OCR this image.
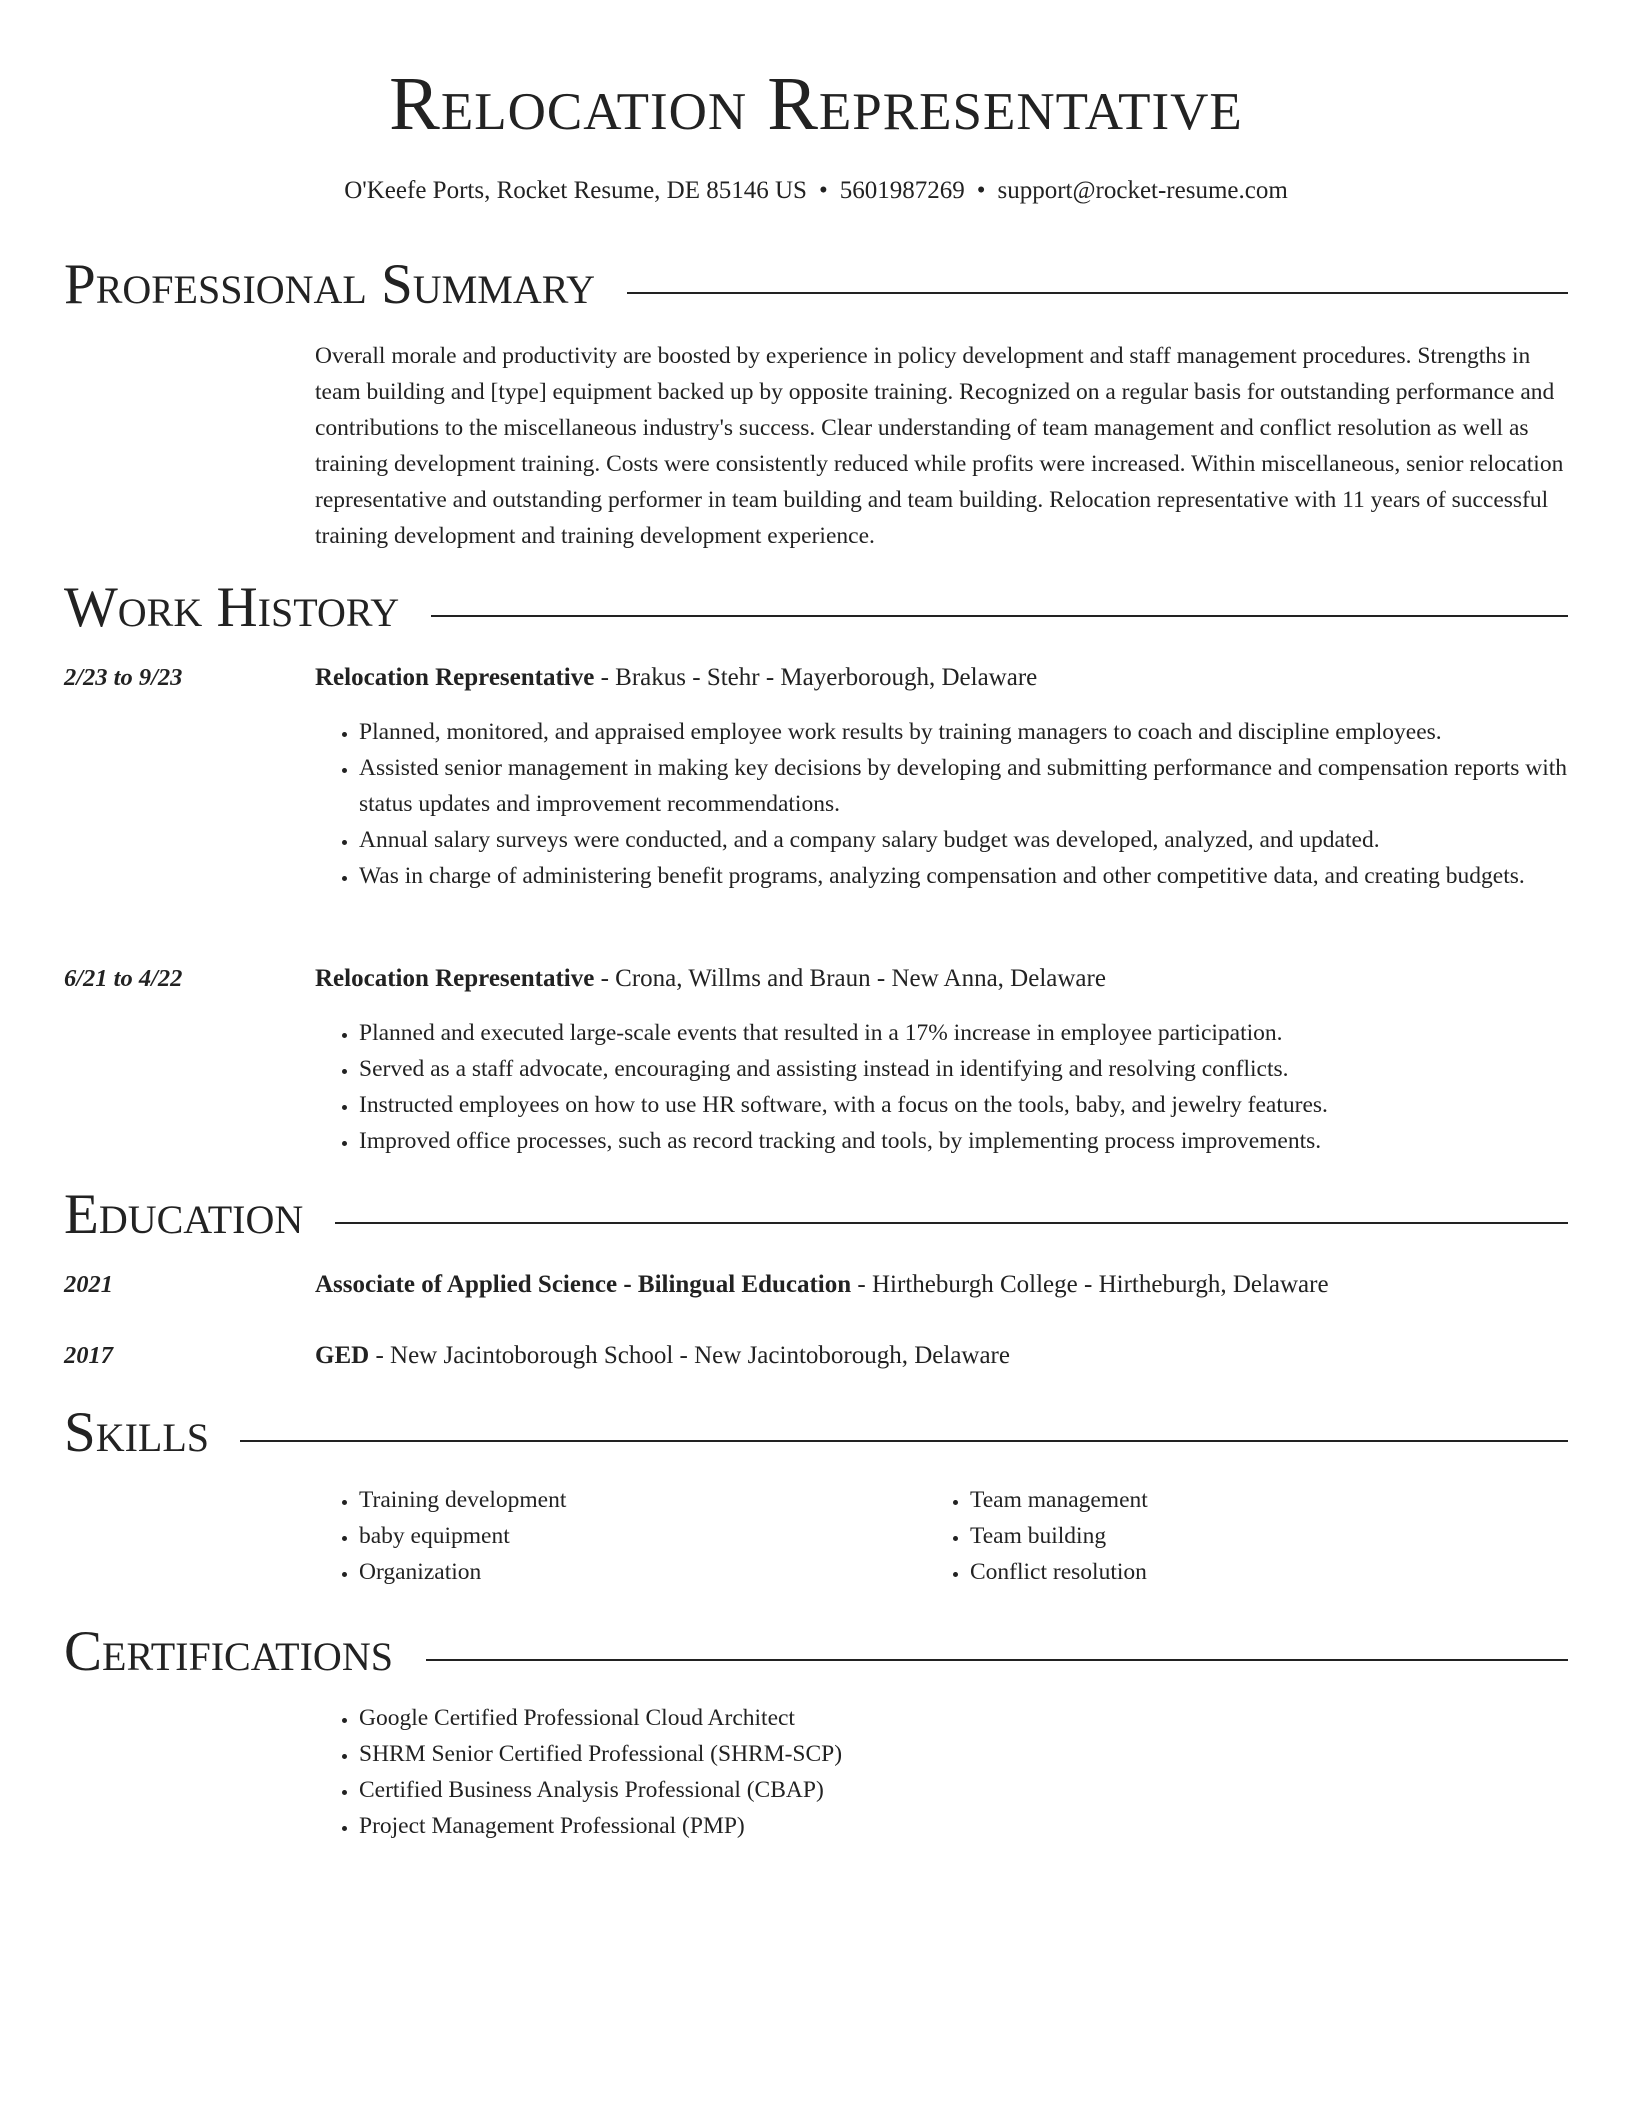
Relocation Representative
O'Keefe Ports, Rocket Resume, DE 85146 US • 5601987269 • support@rocket-resume.com
Professional Summary
Overall morale and productivity are boosted by experience in policy development and staff management procedures. Strengths in team building and [type] equipment backed up by opposite training. Recognized on a regular basis for outstanding performance and contributions to the miscellaneous industry's success. Clear understanding of team management and conflict resolution as well as training development training. Costs were consistently reduced while profits were increased. Within miscellaneous, senior relocation representative and outstanding performer in team building and team building. Relocation representative with 11 years of successful training development and training development experience.
Work History
2/23 to 9/23	Relocation Representative - Brakus - Stehr - Mayerborough, Delaware
• Planned, monitored, and appraised employee work results by training managers to coach and discipline employees.
• Assisted senior management in making key decisions by developing and submitting performance and compensation reports with status updates and improvement recommendations.
• Annual salary surveys were conducted, and a company salary budget was developed, analyzed, and updated.
• Was in charge of administering benefit programs, analyzing compensation and other competitive data, and creating budgets.
6/21 to 4/22	Relocation Representative - Crona, Willms and Braun - New Anna, Delaware
• Planned and executed large-scale events that resulted in a 17% increase in employee participation.
• Served as a staff advocate, encouraging and assisting instead in identifying and resolving conflicts.
• Instructed employees on how to use HR software, with a focus on the tools, baby, and jewelry features.
• Improved office processes, such as record tracking and tools, by implementing process improvements.
Education
2021	Associate of Applied Science - Bilingual Education - Hirtheburgh College - Hirtheburgh, Delaware
2017	GED - New Jacintoborough School - New Jacintoborough, Delaware
Skills
• Training development
• baby equipment
• Organization
• Team management
• Team building
• Conflict resolution
Certifications
• Google Certified Professional Cloud Architect
• SHRM Senior Certified Professional (SHRM-SCP)
• Certified Business Analysis Professional (CBAP)
• Project Management Professional (PMP)
